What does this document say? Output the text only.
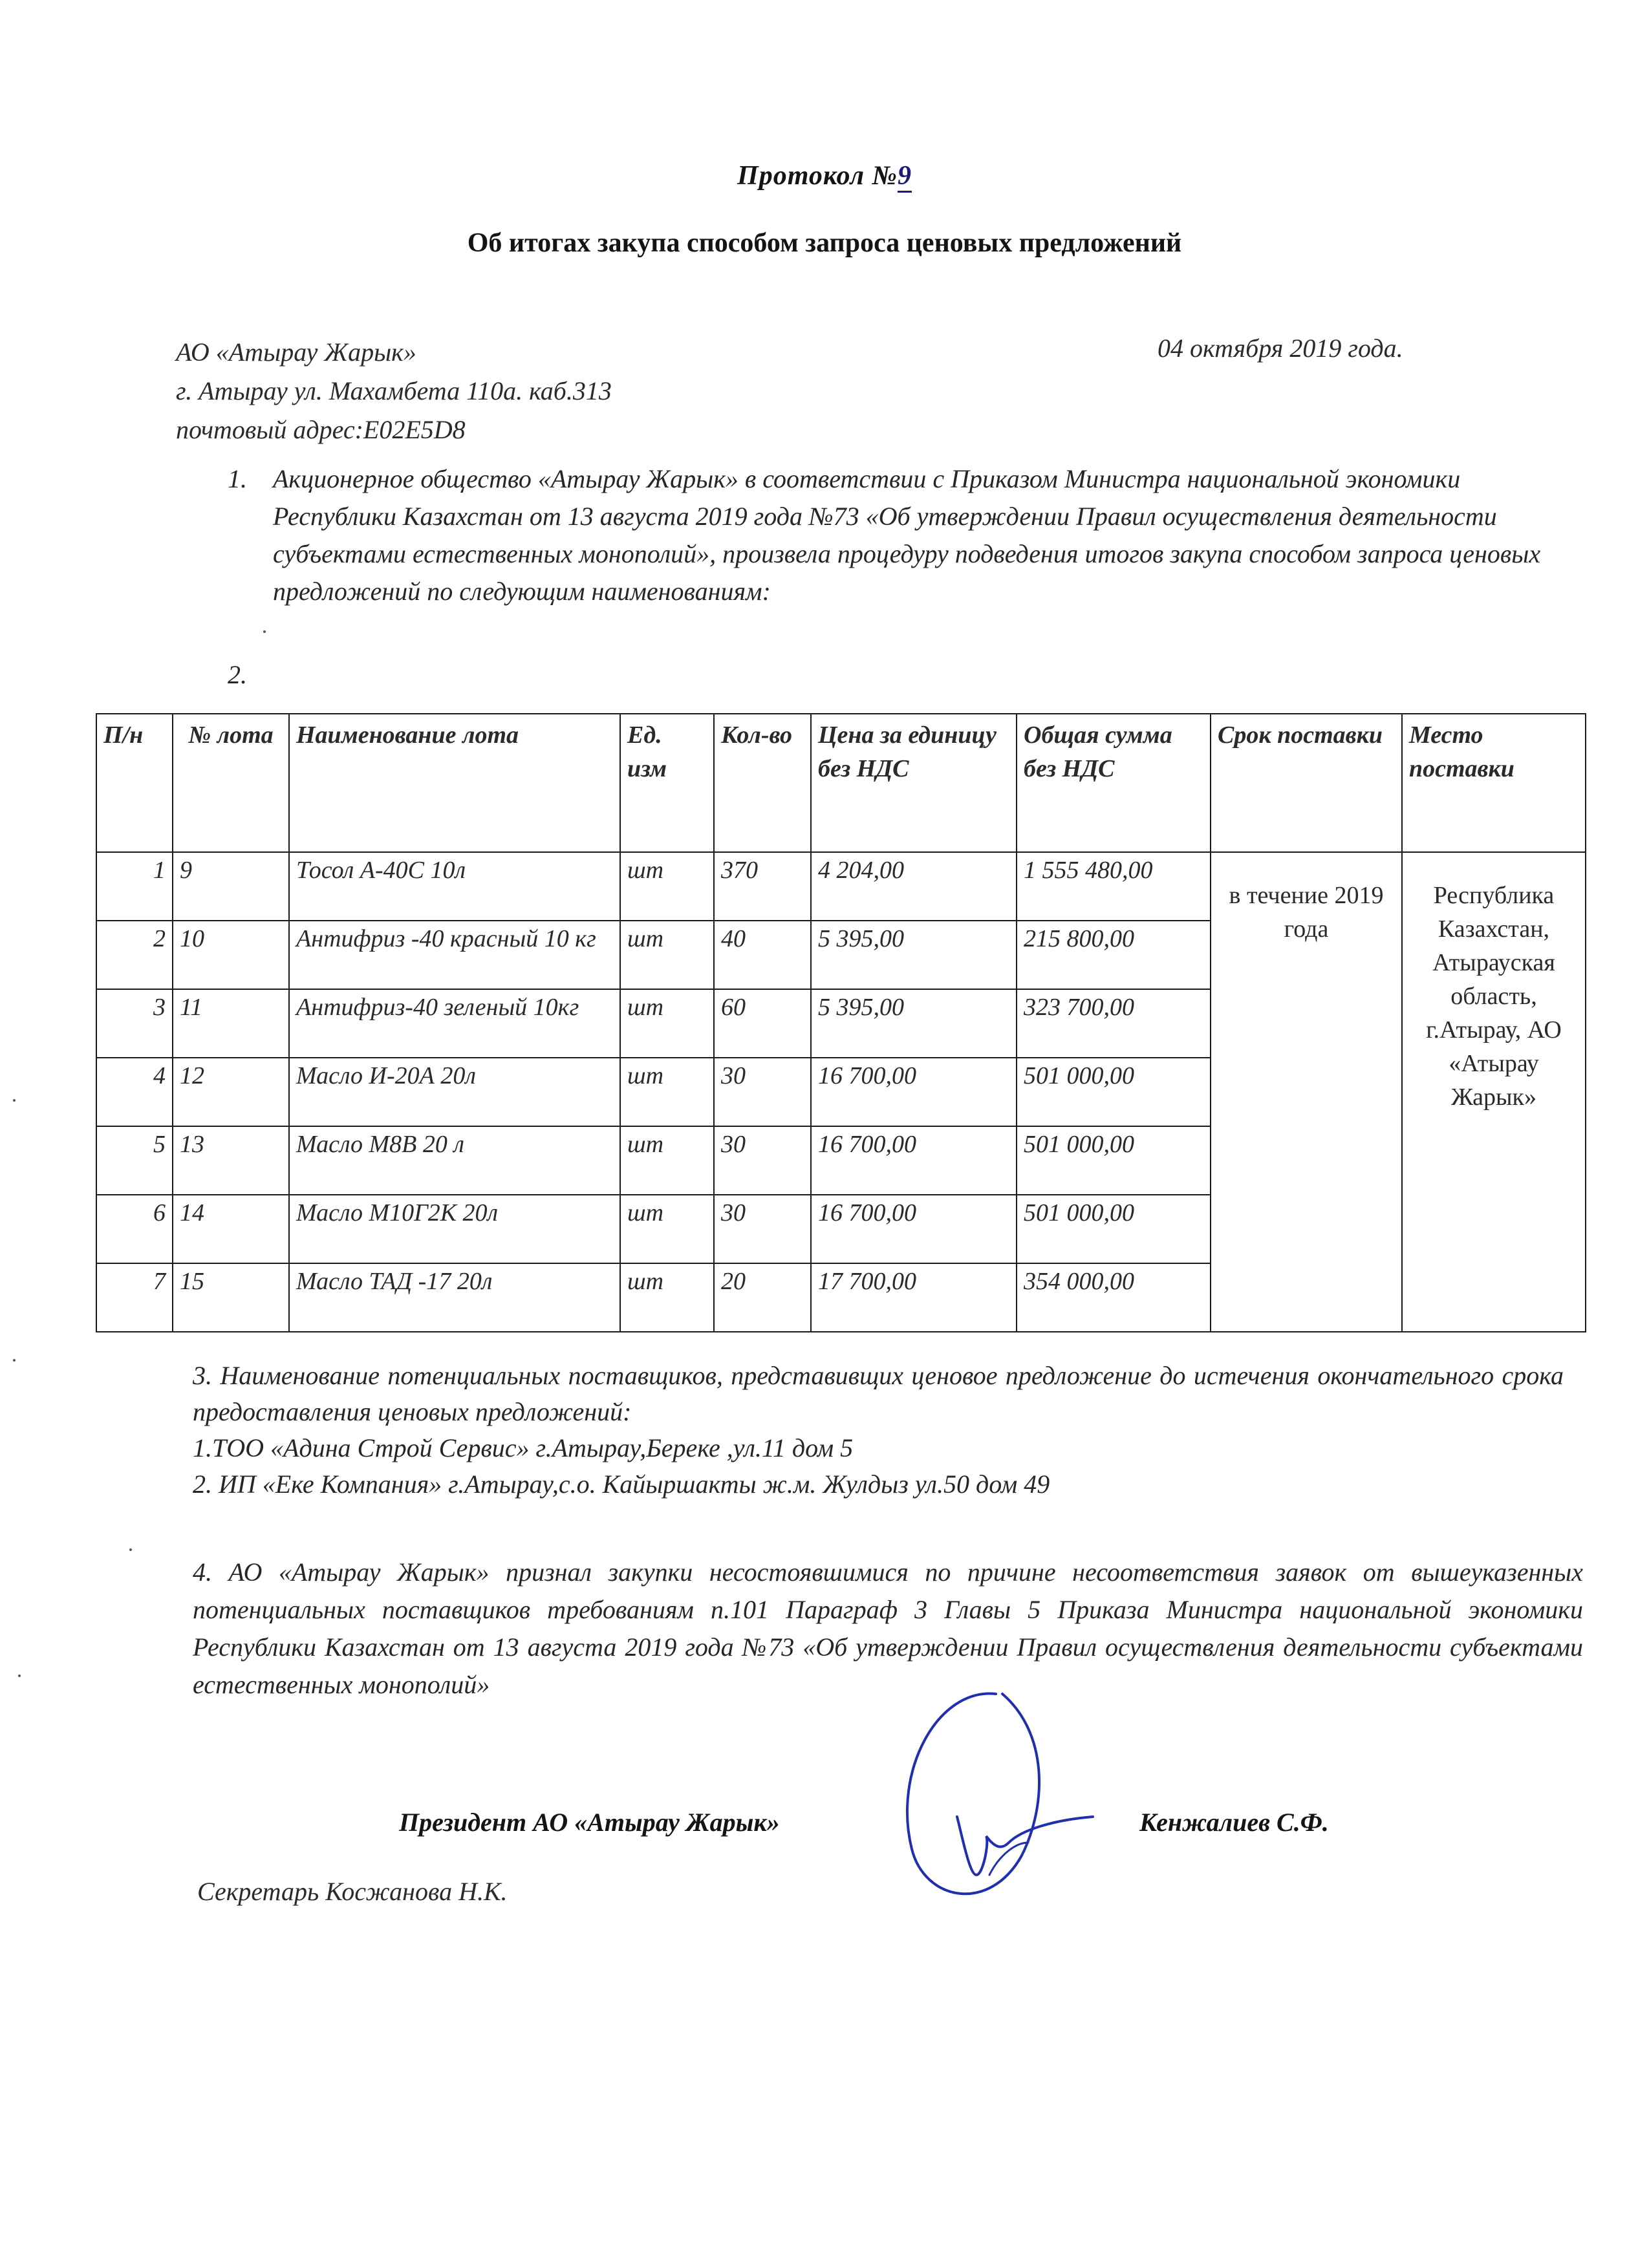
Протокол №9
Об итогах закупа способом запроса ценовых предложений
АО «Атырау Жарык»
г. Атырау ул. Махамбета 110а. каб.313
почтовый адрес:Е02Е5D8
04 октября 2019 года.
1. Акционерное общество «Атырау Жарык» в соответствии с Приказом Министра национальной экономики Республики Казахстан от 13 августа 2019 года №73 «Об утверждении Правил осуществления деятельности субъектами естественных монополий», произвела процедуру подведения итогов закупа способом запроса ценовых предложений по следующим наименованиям:
2.
П/н	№ лота	Наименование лота	Ед. изм	Кол-во	Цена за единицу без НДС	Общая сумма без НДС	Срок поставки	Место поставки
1	9	Тосол А-40С 10л	шт	370	4 204,00	1 555 480,00	в течение 2019 года	Республика Казахстан, Атырауская область, г.Атырау, АО «Атырау Жарык»
2	10	Антифриз -40 красный 10 кг	шт	40	5 395,00	215 800,00		
3	11	Антифриз-40 зеленый 10кг	шт	60	5 395,00	323 700,00		
4	12	Масло И-20А 20л	шт	30	16 700,00	501 000,00		
5	13	Масло М8В 20 л	шт	30	16 700,00	501 000,00		
6	14	Масло М10Г2К 20л	шт	30	16 700,00	501 000,00		
7	15	Масло ТАД -17 20л	шт	20	17 700,00	354 000,00		
3. Наименование потенциальных поставщиков, представивщих ценовое предложение до истечения окончательного срока предоставления ценовых предложений:
1.ТОО «Адина Строй Сервис» г.Атырау,Береке ,ул.11 дом 5
2. ИП «Еке Компания» г.Атырау,с.о. Кайыршакты ж.м. Жулдыз ул.50 дом 49
4. АО «Атырау Жарык» признал закупки несостоявшимися по причине несоответствия заявок от вышеуказенных потенциальных поставщиков требованиям п.101 Параграф 3 Главы 5 Приказа Министра национальной экономики Республики Казахстан от 13 августа 2019 года №73 «Об утверждении Правил осуществления деятельности субъектами естественных монополий»
Президент АО «Атырау Жарык»	Кенжалиев С.Ф.
Секретарь Косжанова Н.К.
